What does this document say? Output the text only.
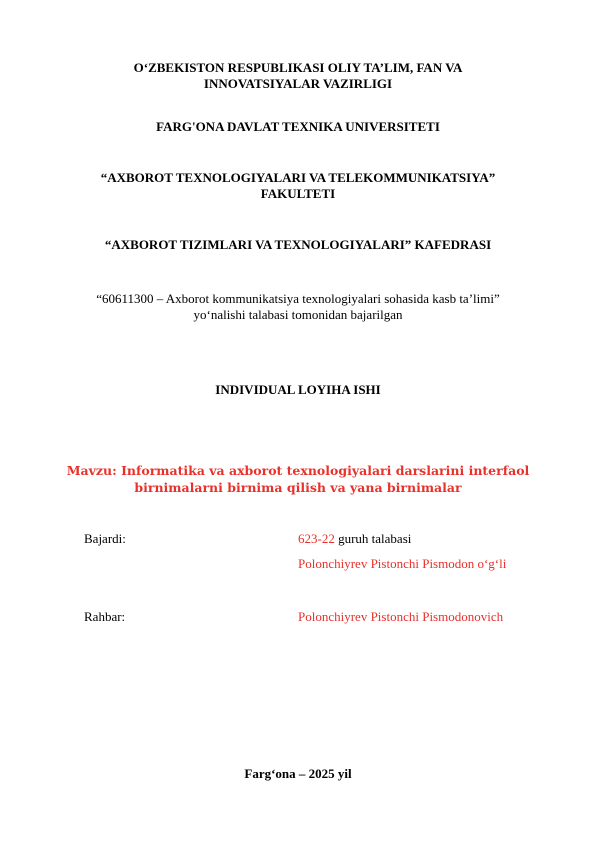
O‘ZBEKISTON RESPUBLIKASI OLIY TA’LIM, FAN VA
INNOVATSIYALAR VAZIRLIGI
FARG'ONA DAVLAT TEXNIKA UNIVERSITETI
“AXBOROT TEXNOLOGIYALARI VA TELEKOMMUNIKATSIYA”
FAKULTETI
“AXBOROT TIZIMLARI VA TEXNOLOGIYALARI” KAFEDRASI
“60611300 – Axborot kommunikatsiya texnologiyalari sohasida kasb ta’limi”
yo‘nalishi talabasi tomonidan bajarilgan
INDIVIDUAL LOYIHA ISHI
Mavzu: Informatika va axborot texnologiyalari darslarini interfaol
birnimalarni birnima qilish va yana birnimalar
Bajardi:	623-22 guruh talabasi
Polonchiyrev Pistonchi Pismodon o‘g‘li
Rahbar:	Polonchiyrev Pistonchi Pismodonovich
Farg‘ona – 2025 yil
